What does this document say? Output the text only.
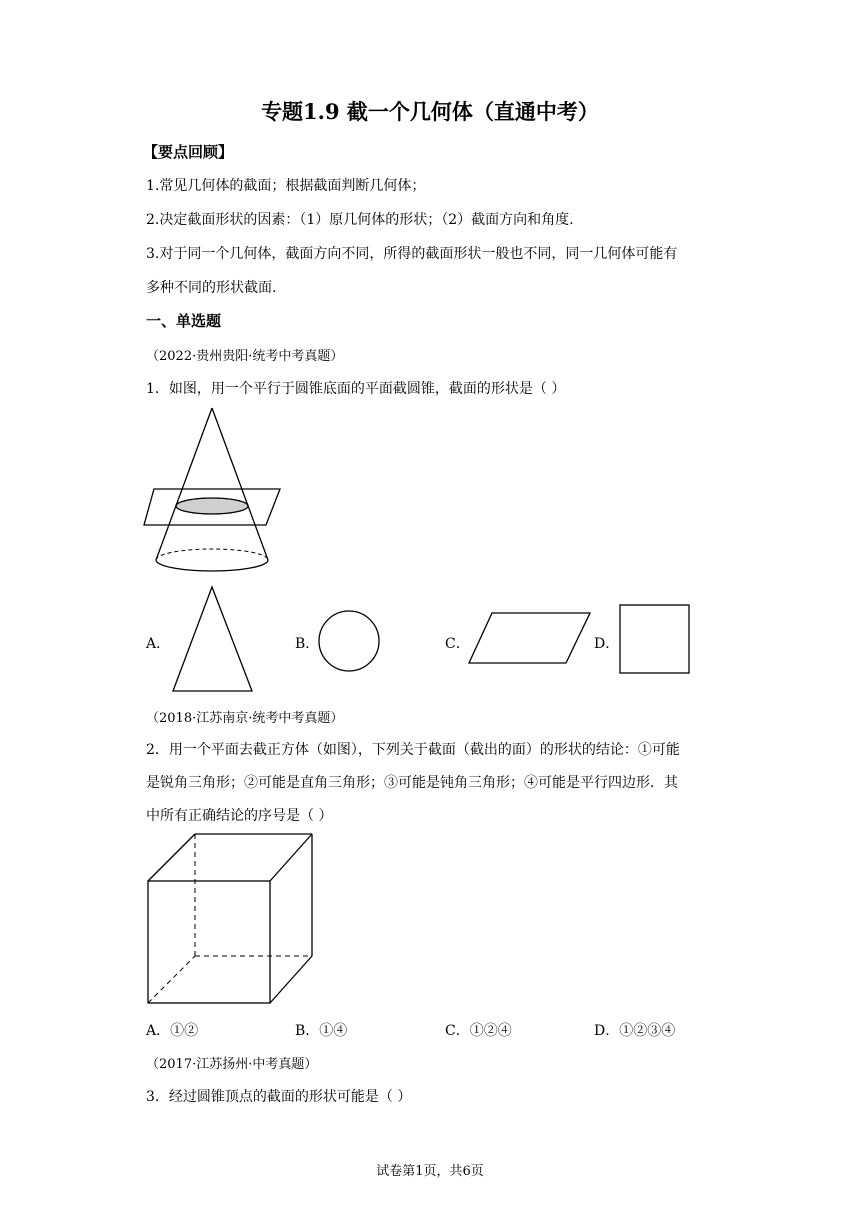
专题1.9 截一个几何体（直通中考）
【要点回顾】
1.常见几何体的截面；根据截面判断几何体；
2.决定截面形状的因素：（1）原几何体的形状；（2）截面方向和角度.
3.对于同一个几何体，截面方向不同，所得的截面形状一般也不同，同一几何体可能有
多种不同的形状截面.
一、单选题
（2022·贵州贵阳·统考中考真题）
1．如图，用一个平行于圆锥底面的平面截圆锥，截面的形状是（ ）
A．	B．	C．	D．
（2018·江苏南京·统考中考真题）
2．用一个平面去截正方体（如图），下列关于截面（截出的面）的形状的结论：①可能
是锐角三角形；②可能是直角三角形；③可能是钝角三角形；④可能是平行四边形．其
中所有正确结论的序号是（ ）
A．①②	B．①④	C．①②④	D．①②③④
（2017·江苏扬州·中考真题）
3．经过圆锥顶点的截面的形状可能是（ ）
试卷第1页，共6页
